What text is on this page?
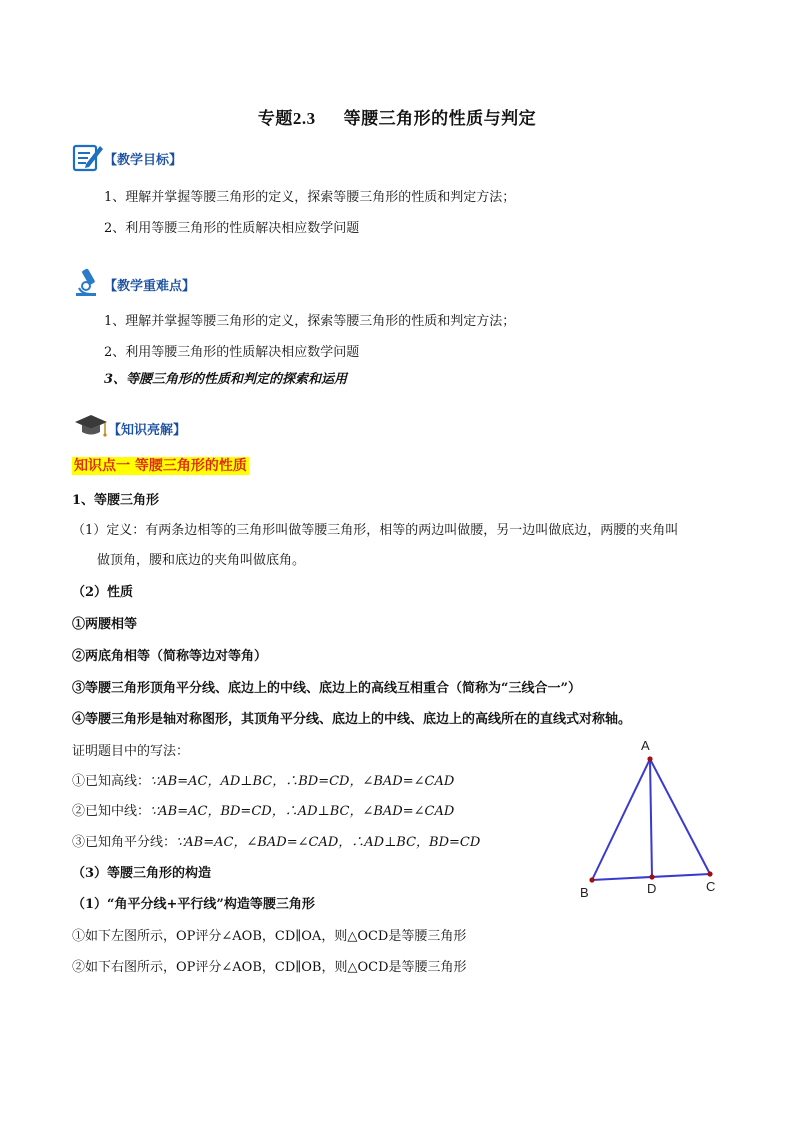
专题2.3 等腰三角形的性质与判定
【教学目标】
1、理解并掌握等腰三角形的定义，探索等腰三角形的性质和判定方法；
2、利用等腰三角形的性质解决相应数学问题
【教学重难点】
1、理解并掌握等腰三角形的定义，探索等腰三角形的性质和判定方法；
2、利用等腰三角形的性质解决相应数学问题
3、等腰三角形的性质和判定的探索和运用
【知识亮解】
知识点一 等腰三角形的性质
1、等腰三角形
（1）定义：有两条边相等的三角形叫做等腰三角形，相等的两边叫做腰，另一边叫做底边，两腰的夹角叫
做顶角，腰和底边的夹角叫做底角。
（2）性质
①两腰相等
②两底角相等（简称等边对等角）
③等腰三角形顶角平分线、底边上的中线、底边上的高线互相重合（简称为“三线合一”）
④等腰三角形是轴对称图形，其顶角平分线、底边上的中线、底边上的高线所在的直线式对称轴。
证明题目中的写法：
①已知高线：∵AB=AC，AD⊥BC，∴BD=CD，∠BAD=∠CAD
②已知中线：∵AB=AC，BD=CD，∴AD⊥BC，∠BAD=∠CAD
③已知角平分线：∵AB=AC，∠BAD=∠CAD，∴AD⊥BC，BD=CD
（3）等腰三角形的构造
（1）“角平分线+平行线”构造等腰三角形
①如下左图所示，OP评分∠AOB，CD∥OA，则△OCD是等腰三角形
②如下右图所示，OP评分∠AOB，CD∥OB，则△OCD是等腰三角形
A
B	D	C
